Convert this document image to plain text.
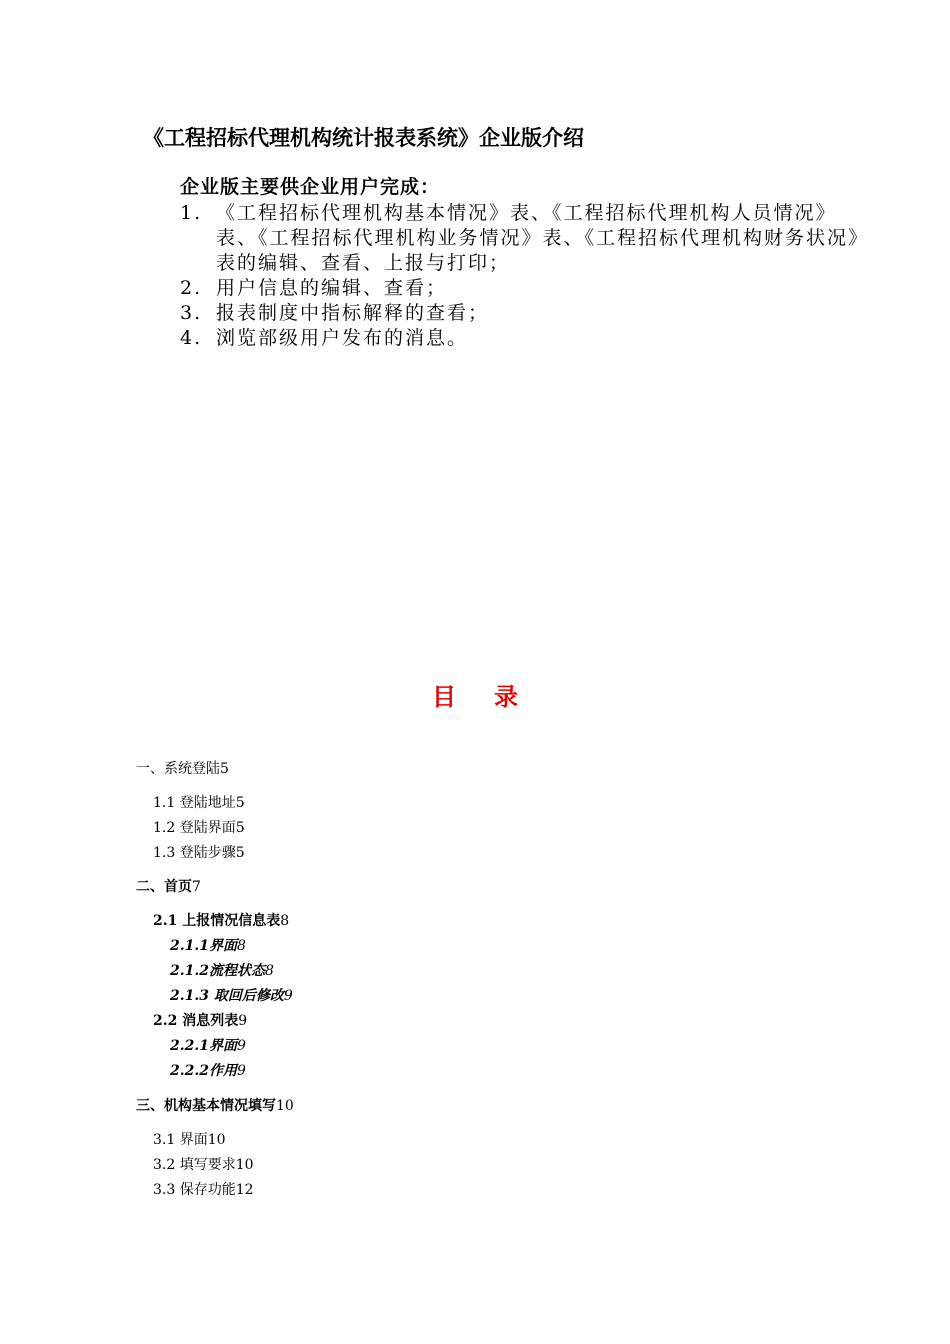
《工程招标代理机构统计报表系统》企业版介绍
企业版主要供企业用户完成：
1. 《工程招标代理机构基本情况》表、《工程招标代理机构人员情况》表、《工程招标代理机构业务情况》表、《工程招标代理机构财务状况》表的编辑、查看、上报与打印；
2. 用户信息的编辑、查看；
3. 报表制度中指标解释的查看；
4. 浏览部级用户发布的消息。
目录
一、系统登陆5
1.1 登陆地址5
1.2 登陆界面5
1.3 登陆步骤5
二、首页7
2.1 上报情况信息表8
2.1.1界面8
2.1.2流程状态8
2.1.3 取回后修改9
2.2 消息列表9
2.2.1界面9
2.2.2作用9
三、机构基本情况填写10
3.1 界面10
3.2 填写要求10
3.3 保存功能12
